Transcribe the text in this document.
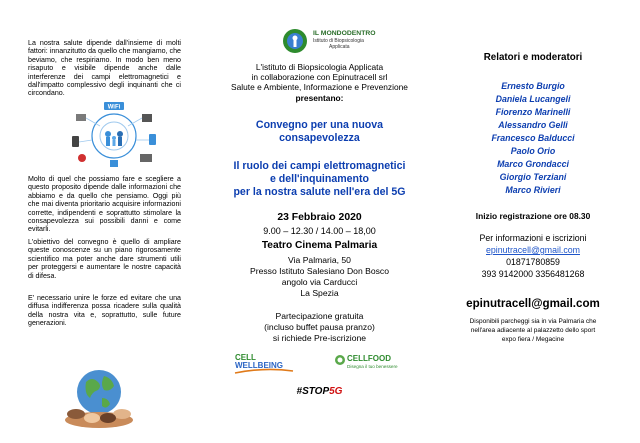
La nostra salute dipende dall'insieme di molti fattori: innanzitutto da quello che mangiamo, che beviamo, che respiriamo. In modo ben meno risaputo e visibile dipende anche dalle interferenze dei campi elettromagnetici e dall'impatto complessivo degli inquinanti che ci circondano.
WiFi
Molto di quel che possiamo fare e scegliere a questo proposito dipende dalle informazioni che abbiamo e da quello che pensiamo. Oggi più che mai diventa prioritario acquisire informazioni corrette, indipendenti e soprattutto stimolare la consapevolezza sui possibili danni e come evitarli.
L'obiettivo del convegno è quello di ampliare queste conoscenze su un piano rigorosamente scientifico ma poter anche dare strumenti utili per proteggersi e aumentare le nostre capacità di difesa.
E' necessario unire le forze ed evitare che una diffusa indifferenza possa ricadere sulla qualità della nostra vita e, soprattutto, sulle future generazioni.
IL MONDODENTRO
Istituto di Biopsicologia
Applicata
L'istituto di Biopsicologia Applicata
in collaborazione con Epinutracell srl
Salute e Ambiente, Informazione e Prevenzione
presentano:
Convegno per una nuova
consapevolezza
Il ruolo dei campi elettromagnetici
e dell'inquinamento
per la nostra salute nell'era del 5G
23 Febbraio 2020
9.00 – 12.30 / 14.00 – 18,00
Teatro Cinema Palmaria
Via Palmaria, 50
Presso Istituto Salesiano Don Bosco
angolo via Carducci
La Spezia
Partecipazione gratuita
(incluso buffet pausa pranzo)
si richiede Pre-iscrizione
CELL
WELLBEING
CELLFOOD
Disegna il tuo benessere
#STOP5G
Relatori e moderatori
Ernesto Burgio
Daniela Lucangeli
Fiorenzo Marinelli
Alessandro Gelli
Francesco Balducci
Paolo Orio
Marco Grondacci
Giorgio Terziani
Marco Rivieri
Inizio registrazione ore 08.30
Per informazioni e iscrizioni
epinutracell@gmail.com
01871780859
393 9142000 3356481268
epinutracell@gmail.com
Disponibili parcheggi sia in via Palmaria che
nell'area adiacente al palazzetto dello sport
expo fiera / Megacine
